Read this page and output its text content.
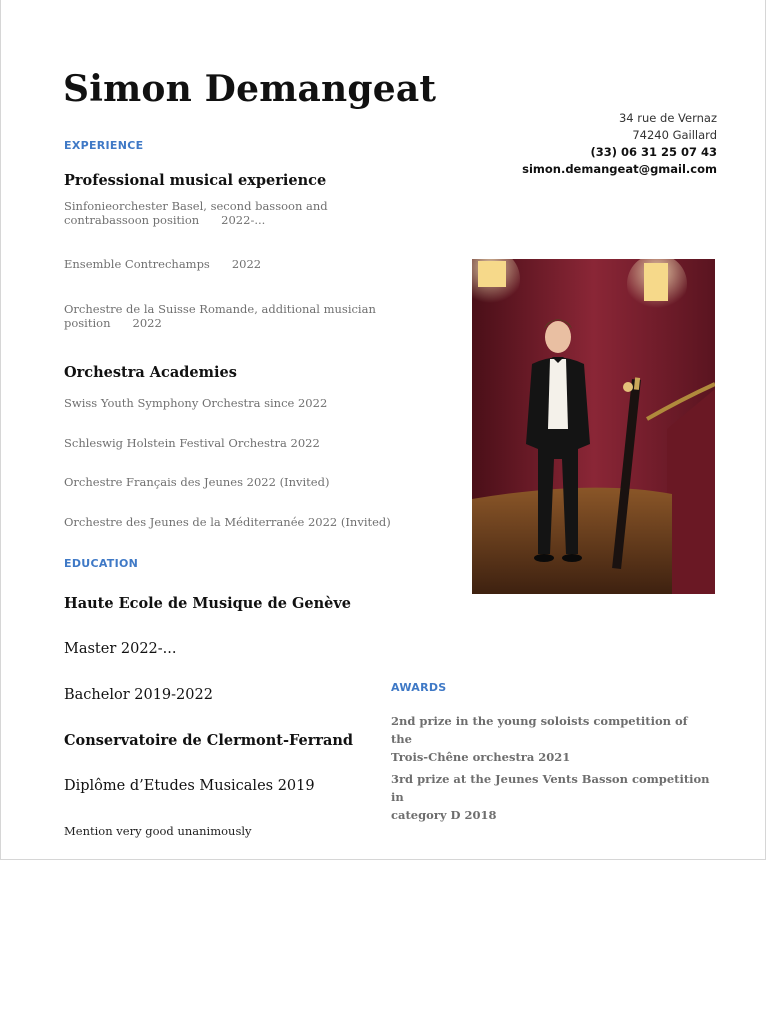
Simon Demangeat
34 rue de Vernaz
74240 Gaillard
(33) 06 31 25 07 43
simon.demangeat@gmail.com
EXPERIENCE
Professional musical experience
Sinfonieorchester Basel, second bassoon and
contrabassoon position 2022-...
Ensemble Contrechamps 2022
Orchestre de la Suisse Romande, additional musician
position 2022
Orchestra Academies
Swiss Youth Symphony Orchestra since 2022
Schleswig Holstein Festival Orchestra 2022
Orchestre Français des Jeunes 2022 (Invited)
Orchestre des Jeunes de la Méditerranée 2022 (Invited)
EDUCATION
Haute Ecole de Musique de Genève
Master 2022-...
Bachelor 2019-2022
Conservatoire de Clermont-Ferrand
Diplôme d’Etudes Musicales 2019
Mention very good unanimously
AWARDS
2nd prize in the young soloists competition of the
Trois-Chêne orchestra 2021
3rd prize at the Jeunes Vents Basson competition in
category D 2018
